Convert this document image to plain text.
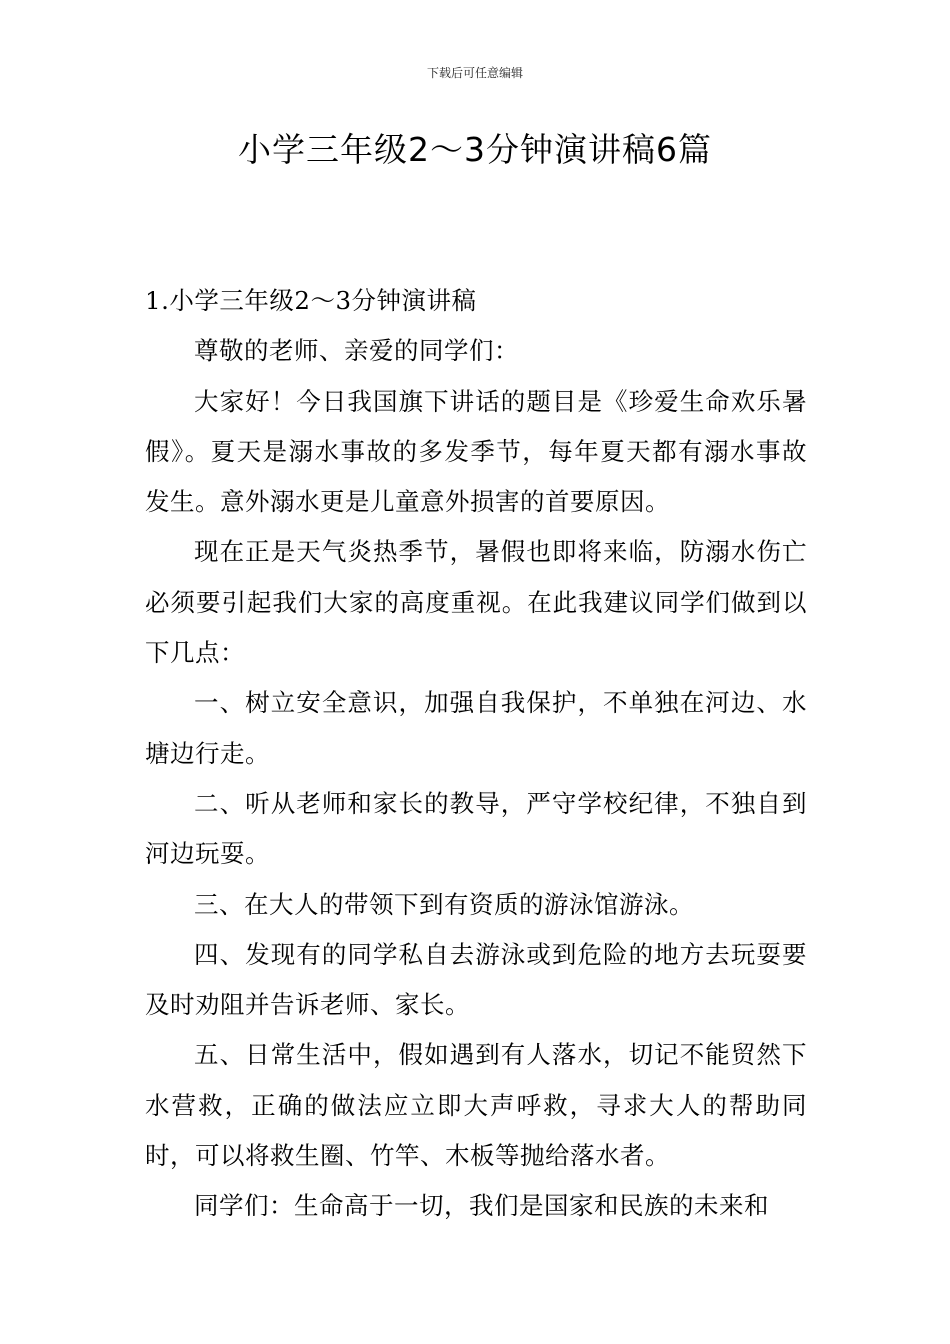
下载后可任意编辑
小学三年级2～3分钟演讲稿6篇

1.小学三年级2～3分钟演讲稿

尊敬的老师、亲爱的同学们：

大家好！今日我国旗下讲话的题目是《珍爱生命欢乐暑假》。夏天是溺水事故的多发季节，每年夏天都有溺水事故发生。意外溺水更是儿童意外损害的首要原因。

现在正是天气炎热季节，暑假也即将来临，防溺水伤亡必须要引起我们大家的高度重视。在此我建议同学们做到以下几点：

一、树立安全意识，加强自我保护，不单独在河边、水塘边行走。

二、听从老师和家长的教导，严守学校纪律，不独自到河边玩耍。

三、在大人的带领下到有资质的游泳馆游泳。

四、发现有的同学私自去游泳或到危险的地方去玩耍要及时劝阻并告诉老师、家长。

五、日常生活中，假如遇到有人落水，切记不能贸然下水营救，正确的做法应立即大声呼救，寻求大人的帮助同时，可以将救生圈、竹竿、木板等抛给落水者。

同学们：生命高于一切，我们是国家和民族的未来和
